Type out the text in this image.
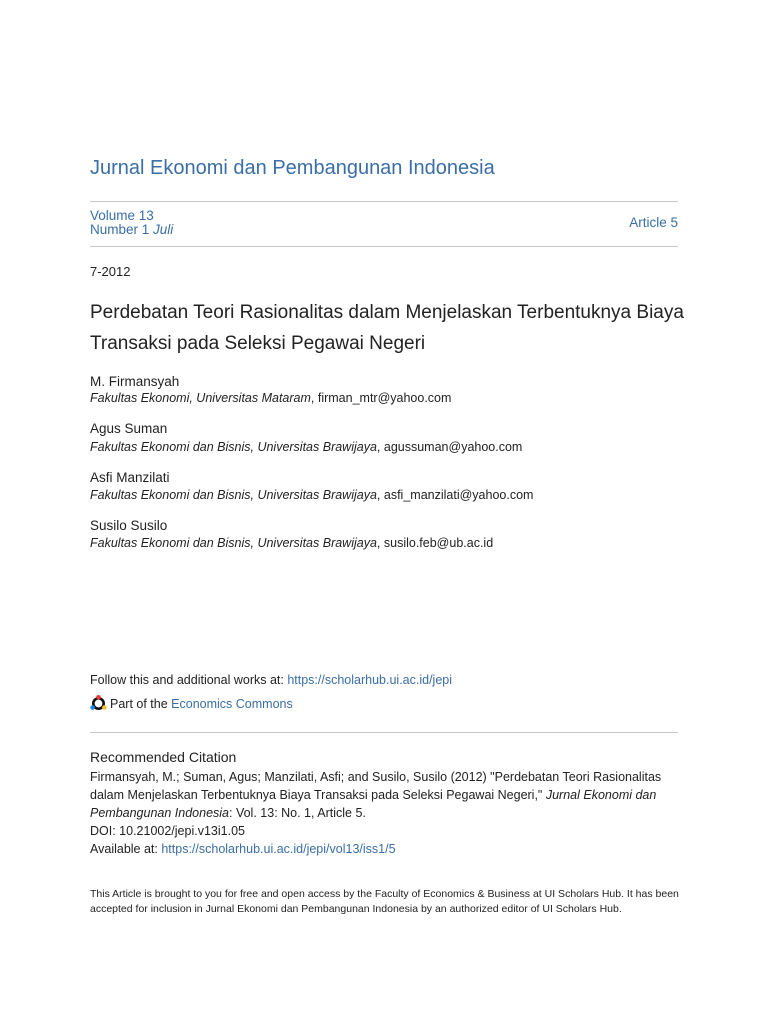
Jurnal Ekonomi dan Pembangunan Indonesia
Volume 13
Number 1 Juli	Article 5
7-2012
Perdebatan Teori Rasionalitas dalam Menjelaskan Terbentuknya Biaya Transaksi pada Seleksi Pegawai Negeri
M. Firmansyah
Fakultas Ekonomi, Universitas Mataram, firman_mtr@yahoo.com
Agus Suman
Fakultas Ekonomi dan Bisnis, Universitas Brawijaya, agussuman@yahoo.com
Asfi Manzilati
Fakultas Ekonomi dan Bisnis, Universitas Brawijaya, asfi_manzilati@yahoo.com
Susilo Susilo
Fakultas Ekonomi dan Bisnis, Universitas Brawijaya, susilo.feb@ub.ac.id
Follow this and additional works at: https://scholarhub.ui.ac.id/jepi
Part of the
Economics Commons
Recommended Citation
Firmansyah, M.; Suman, Agus; Manzilati, Asfi; and Susilo, Susilo (2012) "Perdebatan Teori Rasionalitas dalam Menjelaskan Terbentuknya Biaya Transaksi pada Seleksi Pegawai Negeri," Jurnal Ekonomi dan Pembangunan Indonesia: Vol. 13: No. 1, Article 5.
DOI: 10.21002/jepi.v13i1.05
Available at: https://scholarhub.ui.ac.id/jepi/vol13/iss1/5
This Article is brought to you for free and open access by the Faculty of Economics & Business at UI Scholars Hub. It has been accepted for inclusion in Jurnal Ekonomi dan Pembangunan Indonesia by an authorized editor of UI Scholars Hub.
